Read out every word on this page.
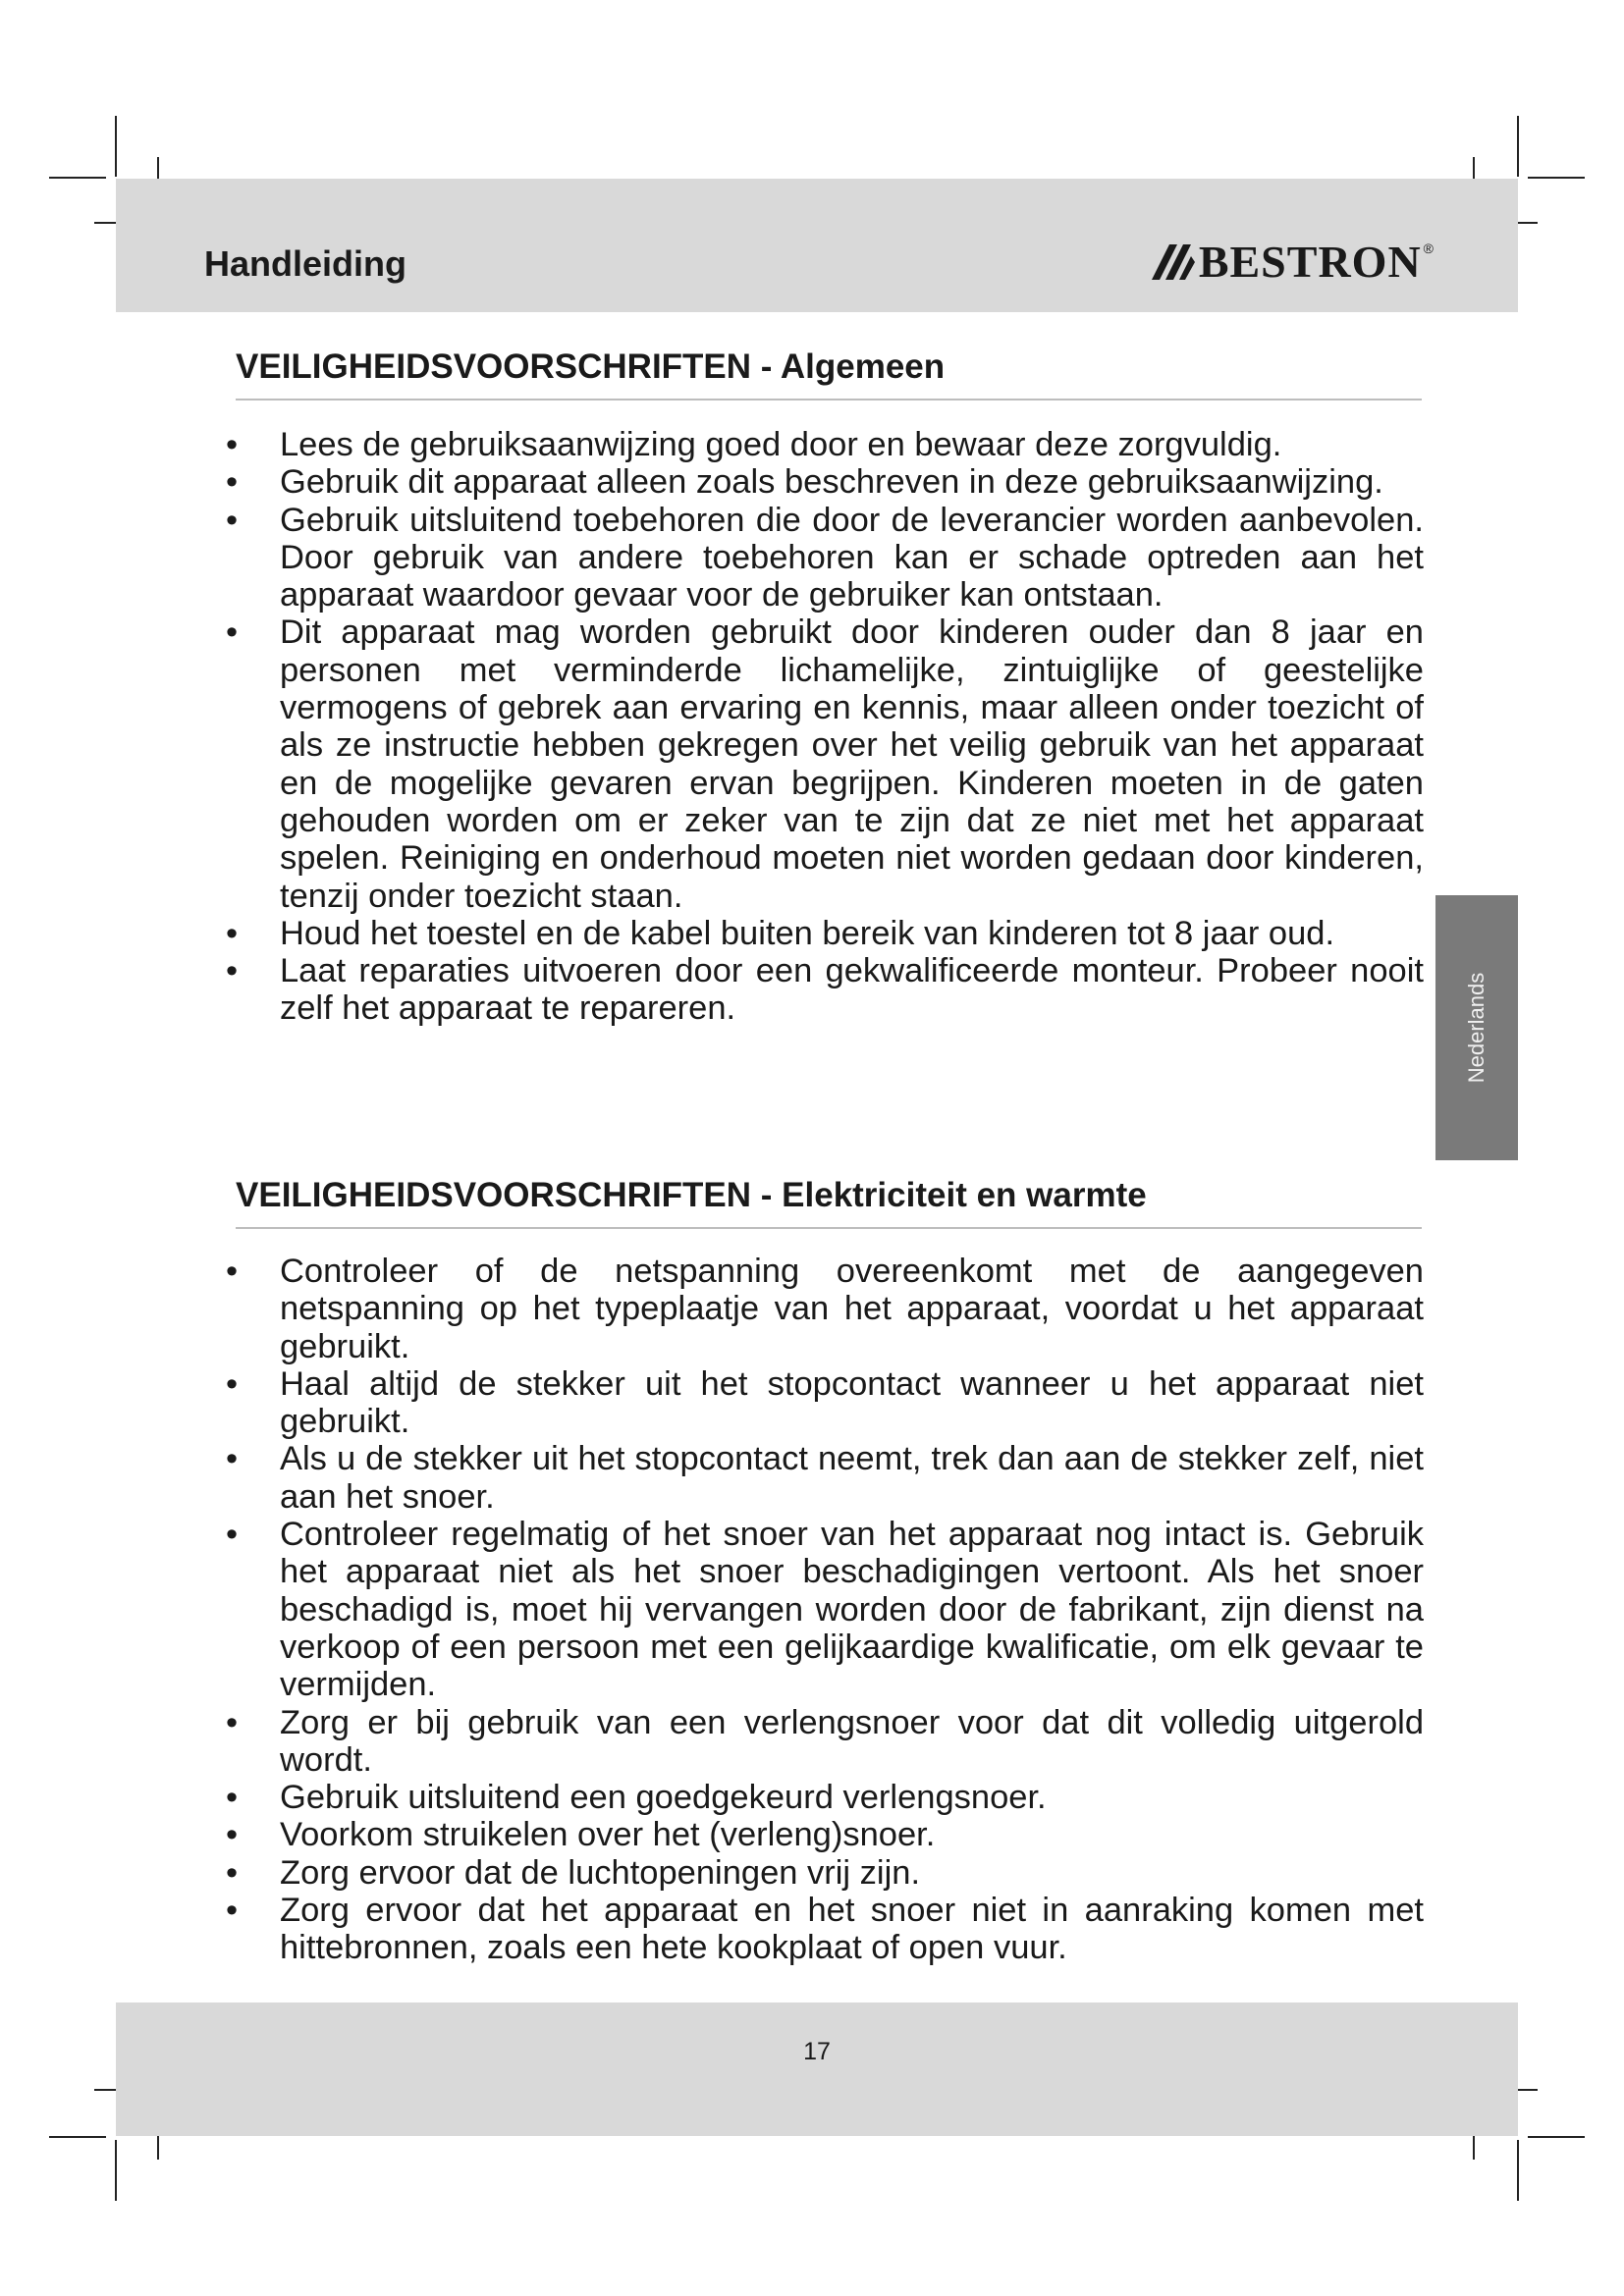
Handleiding	BESTRON ®
VEILIGHEIDSVOORSCHRIFTEN - Algemeen
• Lees de gebruiksaanwijzing goed door en bewaar deze zorgvuldig.
• Gebruik dit apparaat alleen zoals beschreven in deze gebruiksaanwijzing.
• Gebruik uitsluitend toebehoren die door de leverancier worden aanbevolen. Door gebruik van andere toebehoren kan er schade optreden aan het apparaat waardoor gevaar voor de gebruiker kan ontstaan.
• Dit apparaat mag worden gebruikt door kinderen ouder dan 8 jaar en personen met verminderde lichamelijke, zintuiglijke of geestelijke vermogens of gebrek aan ervaring en kennis, maar alleen onder toezicht of als ze instructie hebben gekregen over het veilig gebruik van het apparaat en de mogelijke gevaren ervan begrijpen. Kinderen moeten in de gaten gehouden worden om er zeker van te zijn dat ze niet met het apparaat spelen. Reiniging en onderhoud moeten niet worden gedaan door kinderen, tenzij onder toezicht staan.
• Houd het toestel en de kabel buiten bereik van kinderen tot 8 jaar oud.
• Laat reparaties uitvoeren door een gekwalificeerde monteur. Probeer nooit zelf het apparaat te repareren.	Nederlands
VEILIGHEIDSVOORSCHRIFTEN - Elektriciteit en warmte
• Controleer of de netspanning overeenkomt met de aangegeven netspanning op het typeplaatje van het apparaat, voordat u het apparaat gebruikt.
• Haal altijd de stekker uit het stopcontact wanneer u het apparaat niet gebruikt.
• Als u de stekker uit het stopcontact neemt, trek dan aan de stekker zelf, niet aan het snoer.
• Controleer regelmatig of het snoer van het apparaat nog intact is. Gebruik het apparaat niet als het snoer beschadigingen vertoont. Als het snoer beschadigd is, moet hij vervangen worden door de fabrikant, zijn dienst na verkoop of een persoon met een gelijkaardige kwalificatie, om elk gevaar te vermijden.
• Zorg er bij gebruik van een verlengsnoer voor dat dit volledig uitgerold wordt.
• Gebruik uitsluitend een goedgekeurd verlengsnoer.
• Voorkom struikelen over het (verleng)snoer.
• Zorg ervoor dat de luchtopeningen vrij zijn.
• Zorg ervoor dat het apparaat en het snoer niet in aanraking komen met hittebronnen, zoals een hete kookplaat of open vuur.
17
